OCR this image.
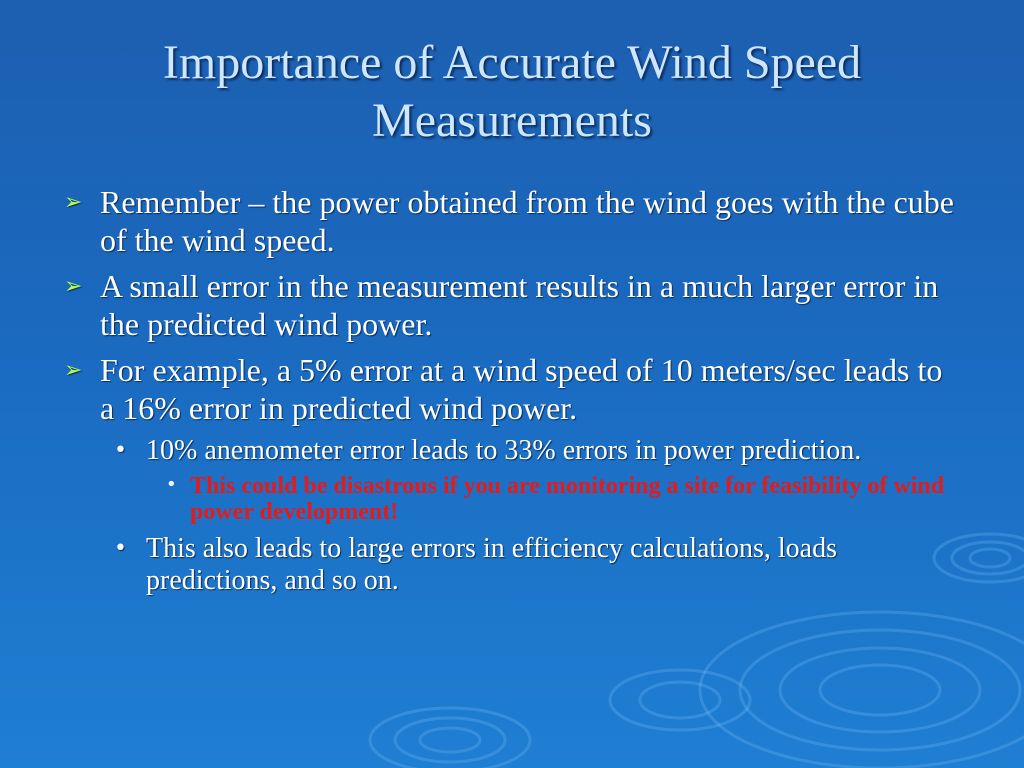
Importance of Accurate Wind Speed
Measurements
➢ Remember – the power obtained from the wind goes with the cube of the wind speed.
➢ A small error in the measurement results in a much larger error in the predicted wind power.
➢ For example, a 5% error at a wind speed of 10 meters/sec leads to a 16% error in predicted wind power.
• 10% anemometer error leads to 33% errors in power prediction.
• This could be disastrous if you are monitoring a site for feasibility of wind power development!
• This also leads to large errors in efficiency calculations, loads predictions, and so on.
